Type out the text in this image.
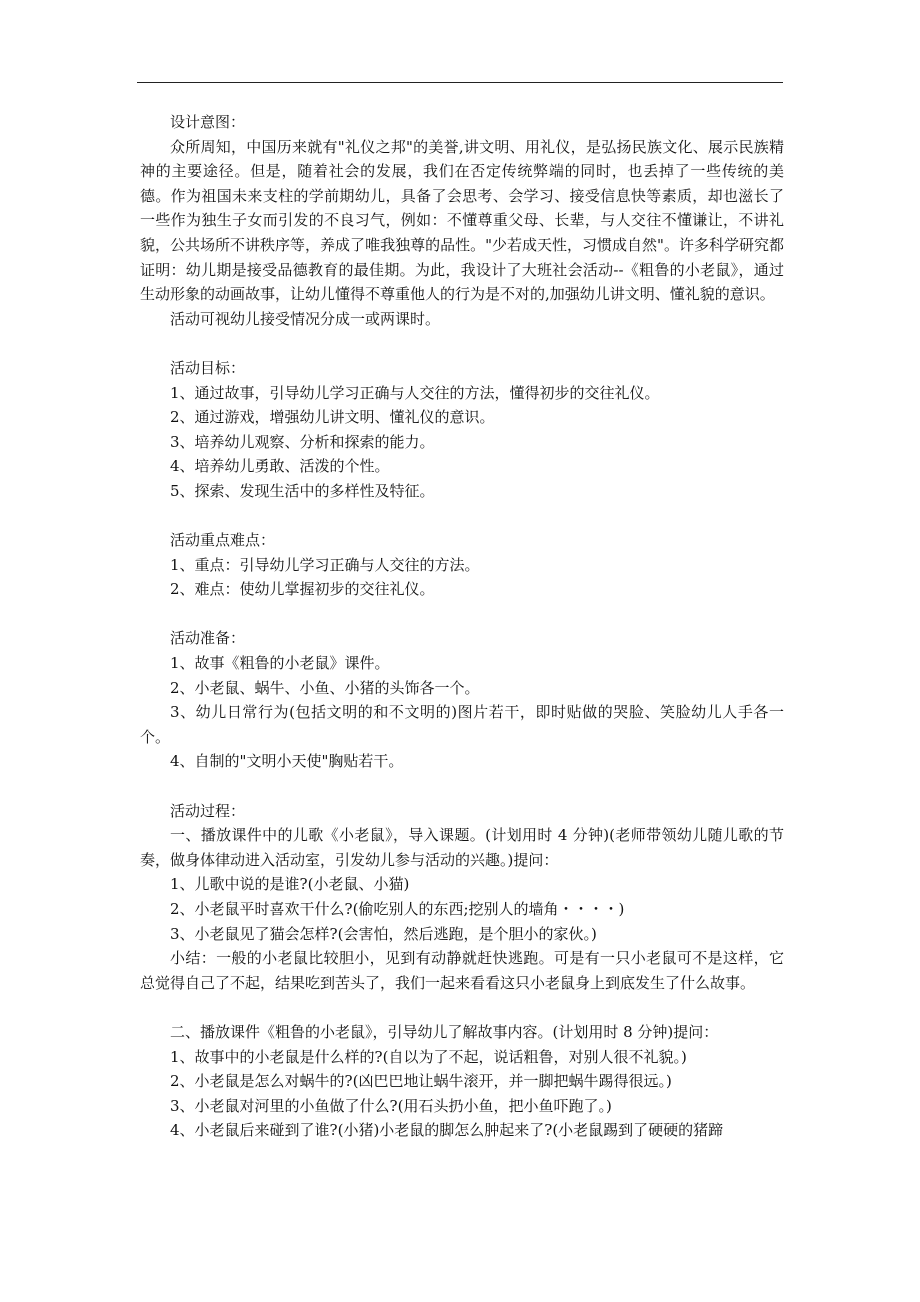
设计意图：

众所周知，中国历来就有"礼仪之邦"的美誉,讲文明、用礼仪，是弘扬民族文化、展示民族精神的主要途径。但是，随着社会的发展，我们在否定传统弊端的同时，也丢掉了一些传统的美德。作为祖国未来支柱的学前期幼儿，具备了会思考、会学习、接受信息快等素质，却也滋长了一些作为独生子女而引发的不良习气，例如：不懂尊重父母、长辈，与人交往不懂谦让，不讲礼貌，公共场所不讲秩序等，养成了唯我独尊的品性。"少若成天性，习惯成自然"。许多科学研究都证明：幼儿期是接受品德教育的最佳期。为此，我设计了大班社会活动--《粗鲁的小老鼠》，通过生动形象的动画故事，让幼儿懂得不尊重他人的行为是不对的,加强幼儿讲文明、懂礼貌的意识。

活动可视幼儿接受情况分成一或两课时。

活动目标：

1、通过故事，引导幼儿学习正确与人交往的方法，懂得初步的交往礼仪。

2、通过游戏，增强幼儿讲文明、懂礼仪的意识。

3、培养幼儿观察、分析和探索的能力。

4、培养幼儿勇敢、活泼的个性。

5、探索、发现生活中的多样性及特征。

活动重点难点：

1、重点：引导幼儿学习正确与人交往的方法。

2、难点：使幼儿掌握初步的交往礼仪。

活动准备：

1、故事《粗鲁的小老鼠》课件。

2、小老鼠、蜗牛、小鱼、小猪的头饰各一个。

3、幼儿日常行为(包括文明的和不文明的)图片若干，即时贴做的哭脸、笑脸幼儿人手各一个。

4、自制的"文明小天使"胸贴若干。

活动过程：

一、播放课件中的儿歌《小老鼠》，导入课题。(计划用时 4 分钟)(老师带领幼儿随儿歌的节奏，做身体律动进入活动室，引发幼儿参与活动的兴趣。)提问：

1、儿歌中说的是谁?(小老鼠、小猫)

2、小老鼠平时喜欢干什么?(偷吃别人的东西;挖别人的墙角・・・・)

3、小老鼠见了猫会怎样?(会害怕，然后逃跑，是个胆小的家伙。)

小结：一般的小老鼠比较胆小，见到有动静就赶快逃跑。可是有一只小老鼠可不是这样，它总觉得自己了不起，结果吃到苦头了，我们一起来看看这只小老鼠身上到底发生了什么故事。

二、播放课件《粗鲁的小老鼠》，引导幼儿了解故事内容。(计划用时 8 分钟)提问：

1、故事中的小老鼠是什么样的?(自以为了不起，说话粗鲁，对别人很不礼貌。)

2、小老鼠是怎么对蜗牛的?(凶巴巴地让蜗牛滚开，并一脚把蜗牛踢得很远。)

3、小老鼠对河里的小鱼做了什么?(用石头扔小鱼，把小鱼吓跑了。)

4、小老鼠后来碰到了谁?(小猪)小老鼠的脚怎么肿起来了?(小老鼠踢到了硬硬的猪蹄
